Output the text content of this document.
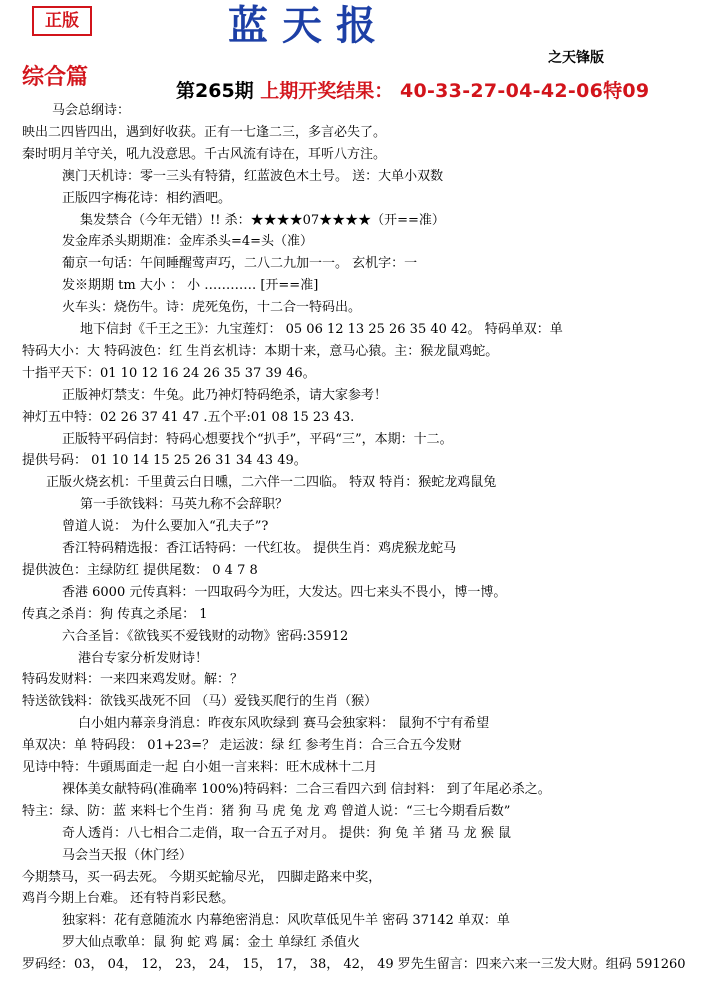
正版	蓝天报
之天锋版
综合篇
第265期 上期开奖结果： 40-33-27-04-42-06特09
马会总纲诗：
映出二四皆四出，遇到好收获。正有一七逢二三，多言必失了。
秦时明月羊守关，吼九没意思。千古风流有诗在，耳听八方注。
澳门天机诗：零一三头有特猜，红蓝波色木土号。 送：大单小双数
正版四字梅花诗：相约酒吧。
集发禁合（今年无错）!! 杀：★★★★07★★★★（开==准）
发金库杀头期期准：金库杀头=4=头（准）
葡京一句话：午间睡醒莺声巧，二八二九加一一。 玄机字：一
发※期期 tm 大小 ： 小 ………… [开==准]
火车头：烧伤牛。诗：虎死兔伤，十二合一特码出。
地下信封《千王之王》：九宝莲灯： 05 06 12 13 25 26 35 40 42。 特码单双：单
特码大小：大 特码波色：红 生肖玄机诗：本期十来，意马心猿。主：猴龙鼠鸡蛇。
十指平天下：01 10 12 16 24 26 35 37 39 46。
正版神灯禁支：牛兔。此乃神灯特码绝杀，请大家参考！
神灯五中特：02 26 37 41 47 .五个平:01 08 15 23 43.
正版特平码信封：特码心想要找个“扒手”，平码“三”，本期：十二。
提供号码： 01 10 14 15 25 26 31 34 43 49。
正版火烧玄机：千里黄云白日曛，二六伴一二四临。 特双 特肖：猴蛇龙鸡鼠兔
第一手欲钱料：马英九称不会辞职？
曾道人说： 为什么要加入“孔夫子”?
香江特码精选报：香江话特码：一代红妆。 提供生肖：鸡虎猴龙蛇马
提供波色：主绿防红 提供尾数： 0 4 7 8
香港 6000 元传真料：一四取码今为旺，大发达。四七来头不畏小，博一博。
传真之杀肖：狗 传真之杀尾： 1
六合圣旨：《欲钱买不爱钱财的动物》密码:35912
港台专家分析发财诗！
特码发财料：一来四来鸡发财。解：？
特送欲钱料：欲钱买战死不回 （马）爱钱买爬行的生肖（猴）
白小姐内幕亲身消息：昨夜东风吹绿到 赛马会独家料： 鼠狗不宁有希望
单双决：单 特码段： 01+23=？ 走运波：绿 红 参考生肖：合三合五今发财
见诗中特：牛頭馬面走一起 白小姐一言来料：旺木成林十二月
裸体美女献特码(准确率 100%)特码料：二合三看四六到 信封料： 到了年尾必杀之。
特主：绿、防：蓝 来料七个生肖：猪 狗 马 虎 兔 龙 鸡 曾道人说：“三七今期看后数”
奇人透肖：八七相合二走俏，取一合五子对月。 提供：狗 兔 羊 猪 马 龙 猴 鼠
马会当天报（休门经）
今期禁马，买一码去死。 今期买蛇输尽光， 四脚走路来中奖，
鸡肖今期上台难。 还有特肖彩民愁。
独家料：花有意随流水 内幕绝密消息：风吹草低见牛羊 密码 37142 单双：单
罗大仙点歌单：鼠 狗 蛇 鸡 属：金土 单绿红 杀值火
罗码经：03， 04， 12， 23， 24， 15， 17， 38， 42， 49 罗先生留言：四来六来一三发大财。组码 591260
